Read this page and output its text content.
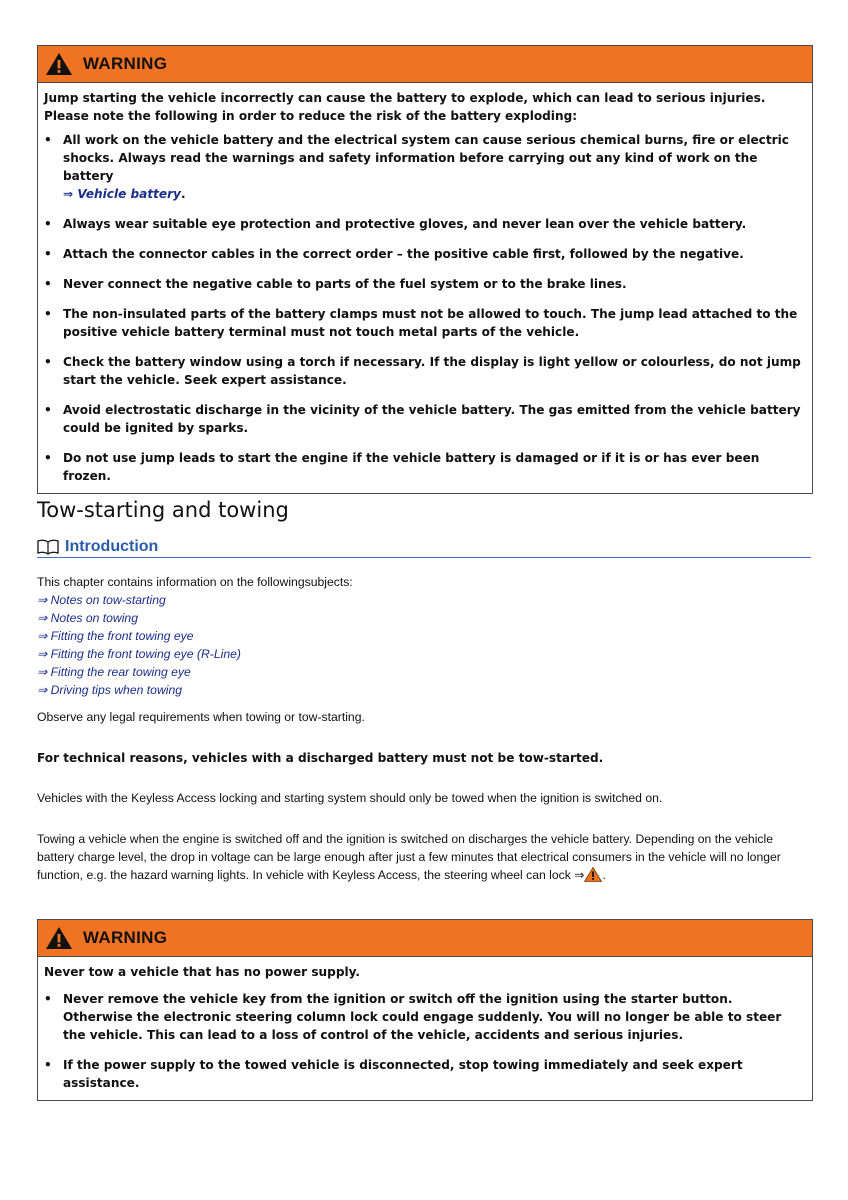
WARNING

Jump starting the vehicle incorrectly can cause the battery to explode, which can lead to serious injuries. Please note the following in order to reduce the risk of the battery exploding:

• All work on the vehicle battery and the electrical system can cause serious chemical burns, fire or electric shocks. Always read the warnings and safety information before carrying out any kind of work on the battery
⇒ Vehicle battery.
• Always wear suitable eye protection and protective gloves, and never lean over the vehicle battery.
• Attach the connector cables in the correct order – the positive cable first, followed by the negative.
• Never connect the negative cable to parts of the fuel system or to the brake lines.
• The non-insulated parts of the battery clamps must not be allowed to touch. The jump lead attached to the positive vehicle battery terminal must not touch metal parts of the vehicle.
• Check the battery window using a torch if necessary. If the display is light yellow or colourless, do not jump start the vehicle. Seek expert assistance.
• Avoid electrostatic discharge in the vicinity of the vehicle battery. The gas emitted from the vehicle battery could be ignited by sparks.
• Do not use jump leads to start the engine if the vehicle battery is damaged or if it is or has ever been frozen.
Tow-starting and towing
Introduction
This chapter contains information on the followingsubjects:
⇒ Notes on tow-starting
⇒ Notes on towing
⇒ Fitting the front towing eye
⇒ Fitting the front towing eye (R-Line)
⇒ Fitting the rear towing eye
⇒ Driving tips when towing
Observe any legal requirements when towing or tow-starting.
For technical reasons, vehicles with a discharged battery must not be tow-started.
Vehicles with the Keyless Access locking and starting system should only be towed when the ignition is switched on.
Towing a vehicle when the engine is switched off and the ignition is switched on discharges the vehicle battery. Depending on the vehicle battery charge level, the drop in voltage can be large enough after just a few minutes that electrical consumers in the vehicle will no longer function, e.g. the hazard warning lights. In vehicle with Keyless Access, the steering wheel can lock ⇒ .
WARNING

Never tow a vehicle that has no power supply.

• Never remove the vehicle key from the ignition or switch off the ignition using the starter button. Otherwise the electronic steering column lock could engage suddenly. You will no longer be able to steer the vehicle. This can lead to a loss of control of the vehicle, accidents and serious injuries.
• If the power supply to the towed vehicle is disconnected, stop towing immediately and seek expert assistance.
